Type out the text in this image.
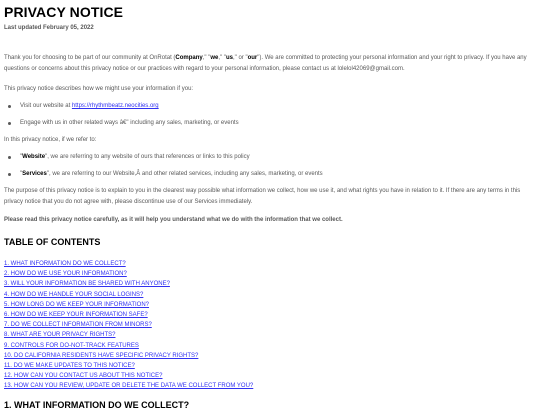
PRIVACY NOTICE
Last updated February 05, 2022
Thank you for choosing to be part of our community at OnRotat (Company," "we," "us," or "our"). We are committed to protecting your personal information and your right to privacy. If you have any questions or concerns about this privacy notice or our practices with regard to your personal information, please contact us at lolelol42069@gmail.com.
This privacy notice describes how we might use your information if you:
Visit our website at https://rhythmbeatz.neocities.org
Engage with us in other related ways â€" including any sales, marketing, or events
In this privacy notice, if we refer to:
"Website", we are referring to any website of ours that references or links to this policy
"Services", we are referring to our Website,Â and other related services, including any sales, marketing, or events
The purpose of this privacy notice is to explain to you in the clearest way possible what information we collect, how we use it, and what rights you have in relation to it. If there are any terms in this privacy notice that you do not agree with, please discontinue use of our Services immediately.
Please read this privacy notice carefully, as it will help you understand what we do with the information that we collect.
TABLE OF CONTENTS
1. WHAT INFORMATION DO WE COLLECT?
2. HOW DO WE USE YOUR INFORMATION?
3. WILL YOUR INFORMATION BE SHARED WITH ANYONE?
4. HOW DO WE HANDLE YOUR SOCIAL LOGINS?
5. HOW LONG DO WE KEEP YOUR INFORMATION?
6. HOW DO WE KEEP YOUR INFORMATION SAFE?
7. DO WE COLLECT INFORMATION FROM MINORS?
8. WHAT ARE YOUR PRIVACY RIGHTS?
9. CONTROLS FOR DO-NOT-TRACK FEATURES
10. DO CALIFORNIA RESIDENTS HAVE SPECIFIC PRIVACY RIGHTS?
11. DO WE MAKE UPDATES TO THIS NOTICE?
12. HOW CAN YOU CONTACT US ABOUT THIS NOTICE?
13. HOW CAN YOU REVIEW, UPDATE OR DELETE THE DATA WE COLLECT FROM YOU?
1. WHAT INFORMATION DO WE COLLECT?
